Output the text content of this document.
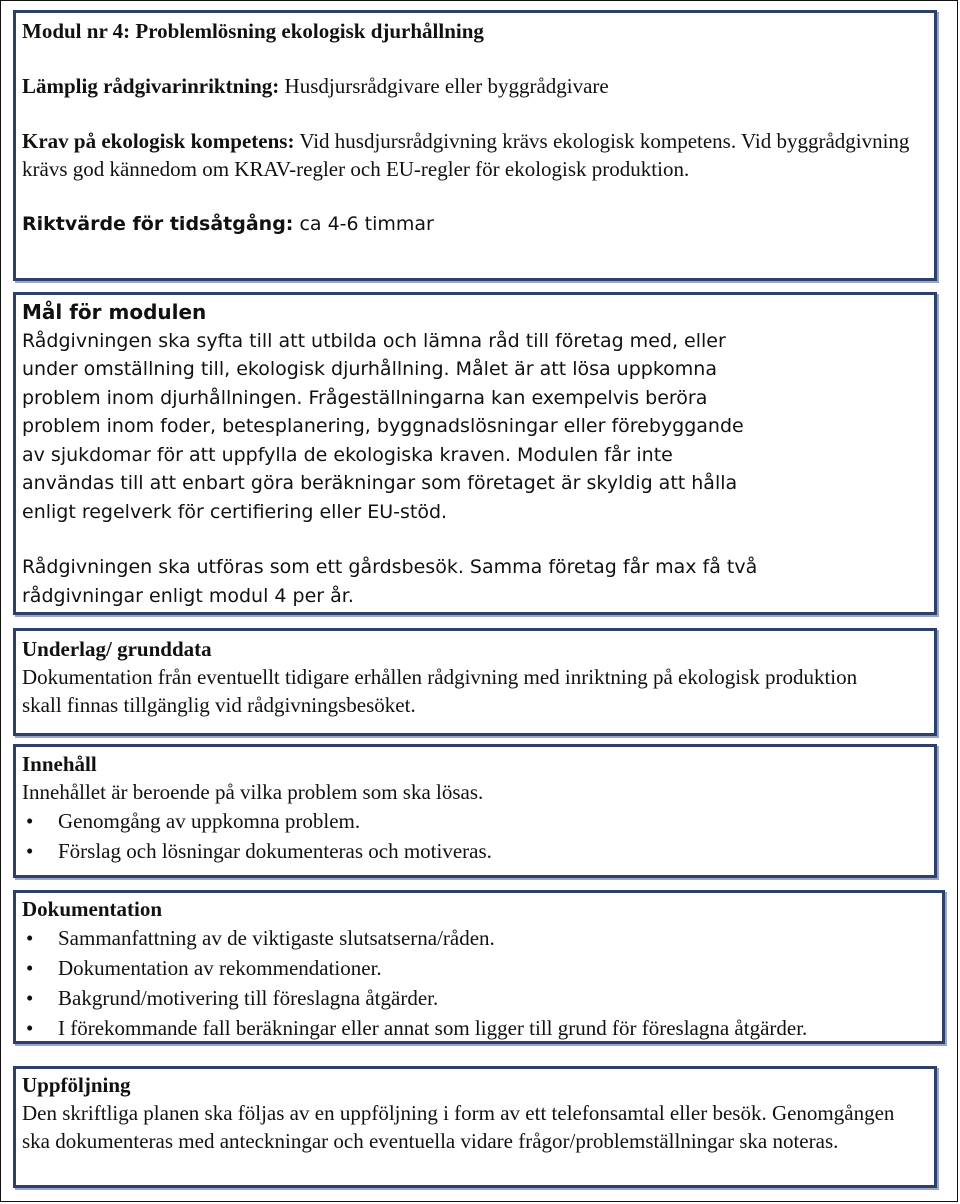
Modul nr 4: Problemlösning ekologisk djurhållning

Lämplig rådgivarinriktning: Husdjursrådgivare eller byggrådgivare

Krav på ekologisk kompetens: Vid husdjursrådgivning krävs ekologisk kompetens. Vid byggrådgivning krävs god kännedom om KRAV-regler och EU-regler för ekologisk produktion.

Riktvärde för tidsåtgång: ca 4-6 timmar

Mål för modulen

Rådgivningen ska syfta till att utbilda och lämna råd till företag med, eller under omställning till, ekologisk djurhållning. Målet är att lösa uppkomna problem inom djurhållningen. Frågeställningarna kan exempelvis beröra problem inom foder, betesplanering, byggnadslösningar eller förebyggande av sjukdomar för att uppfylla de ekologiska kraven. Modulen får inte användas till att enbart göra beräkningar som företaget är skyldig att hålla enligt regelverk för certifiering eller EU-stöd.

Rådgivningen ska utföras som ett gårdsbesök. Samma företag får max få två rådgivningar enligt modul 4 per år.

Underlag/ grunddata

Dokumentation från eventuellt tidigare erhållen rådgivning med inriktning på ekologisk produktion skall finnas tillgänglig vid rådgivningsbesöket.

Innehåll

Innehållet är beroende på vilka problem som ska lösas.

• Genomgång av uppkomna problem.
• Förslag och lösningar dokumenteras och motiveras.

Dokumentation

• Sammanfattning av de viktigaste slutsatserna/råden.
• Dokumentation av rekommendationer.
• Bakgrund/motivering till föreslagna åtgärder.
• I förekommande fall beräkningar eller annat som ligger till grund för föreslagna åtgärder.

Uppföljning

Den skriftliga planen ska följas av en uppföljning i form av ett telefonsamtal eller besök. Genomgången ska dokumenteras med anteckningar och eventuella vidare frågor/problemställningar ska noteras.
